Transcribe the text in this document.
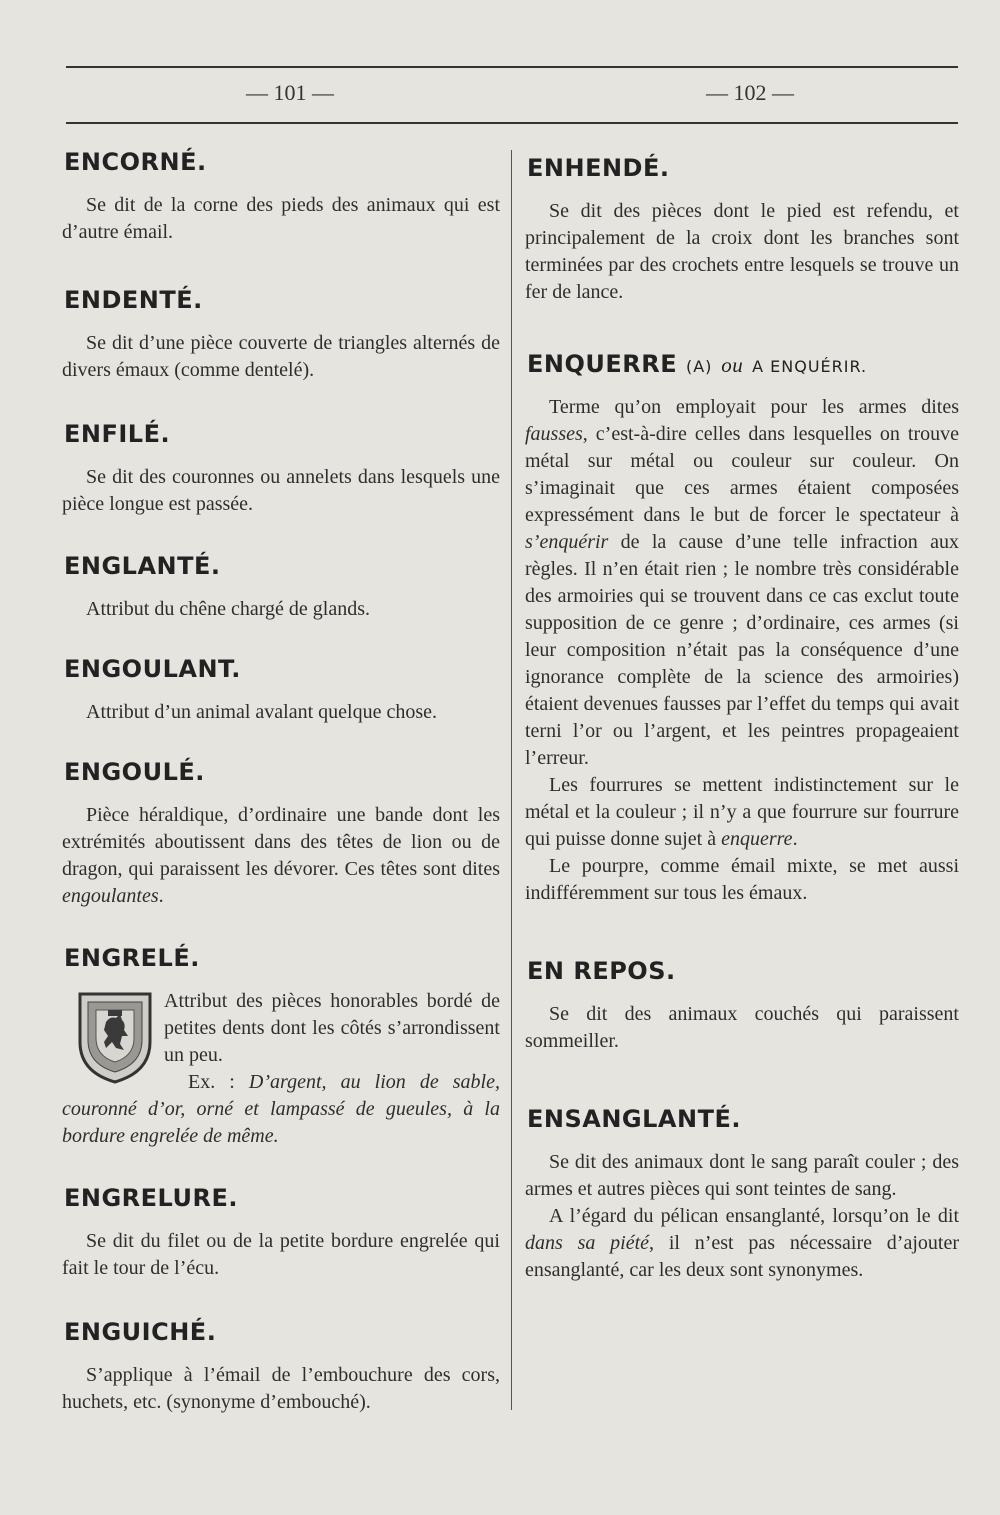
— 101 —	— 102 —
ENCORNÉ.

Se dit de la corne des pieds des animaux qui est d’autre émail.

ENDENTÉ.

Se dit d’une pièce couverte de triangles alternés de divers émaux (comme dentelé).

ENFILÉ.

Se dit des couronnes ou annelets dans lesquels une pièce longue est passée.

ENGLANTÉ.

Attribut du chêne chargé de glands.

ENGOULANT.

Attribut d’un animal avalant quelque chose.

ENGOULÉ.

Pièce héraldique, d’ordinaire une bande dont les extrémités aboutissent dans des têtes de lion ou de dragon, qui paraissent les dévorer. Ces têtes sont dites engoulantes.

ENGRELÉ.

Attribut des pièces honorables bordé de petites dents dont les côtés s’arrondissent un peu.

Ex. : D’argent, au lion de sable, couronné d’or, orné et lampassé de gueules, à la bordure engrelée de même.

ENGRELURE.

Se dit du filet ou de la petite bordure engrelée qui fait le tour de l’écu.

ENGUICHÉ.

S’applique à l’émail de l’embouchure des cors, huchets, etc. (synonyme d’embouché).

ENHENDÉ.

Se dit des pièces dont le pied est refendu, et principalement de la croix dont les branches sont terminées par des crochets entre lesquels se trouve un fer de lance.

ENQUERRE (A) ou A ENQUÉRIR.

Terme qu’on employait pour les armes dites fausses, c’est-à-dire celles dans lesquelles on trouve métal sur métal ou couleur sur couleur. On s’imaginait que ces armes étaient composées expressément dans le but de forcer le spectateur à s’enquérir de la cause d’une telle infraction aux règles. Il n’en était rien ; le nombre très considérable des armoiries qui se trouvent dans ce cas exclut toute supposition de ce genre ; d’ordinaire, ces armes (si leur composition n’était pas la conséquence d’une ignorance complète de la science des armoiries) étaient devenues fausses par l’effet du temps qui avait terni l’or ou l’argent, et les peintres propageaient l’erreur.

Les fourrures se mettent indistinctement sur le métal et la couleur ; il n’y a que fourrure sur fourrure qui puisse donne sujet à enquerre.

Le pourpre, comme émail mixte, se met aussi indifféremment sur tous les émaux.

EN REPOS.

Se dit des animaux couchés qui paraissent sommeiller.

ENSANGLANTÉ.

Se dit des animaux dont le sang paraît couler ; des armes et autres pièces qui sont teintes de sang.

A l’égard du pélican ensanglanté, lorsqu’on le dit dans sa piété, il n’est pas nécessaire d’ajouter ensanglanté, car les deux sont synonymes.
